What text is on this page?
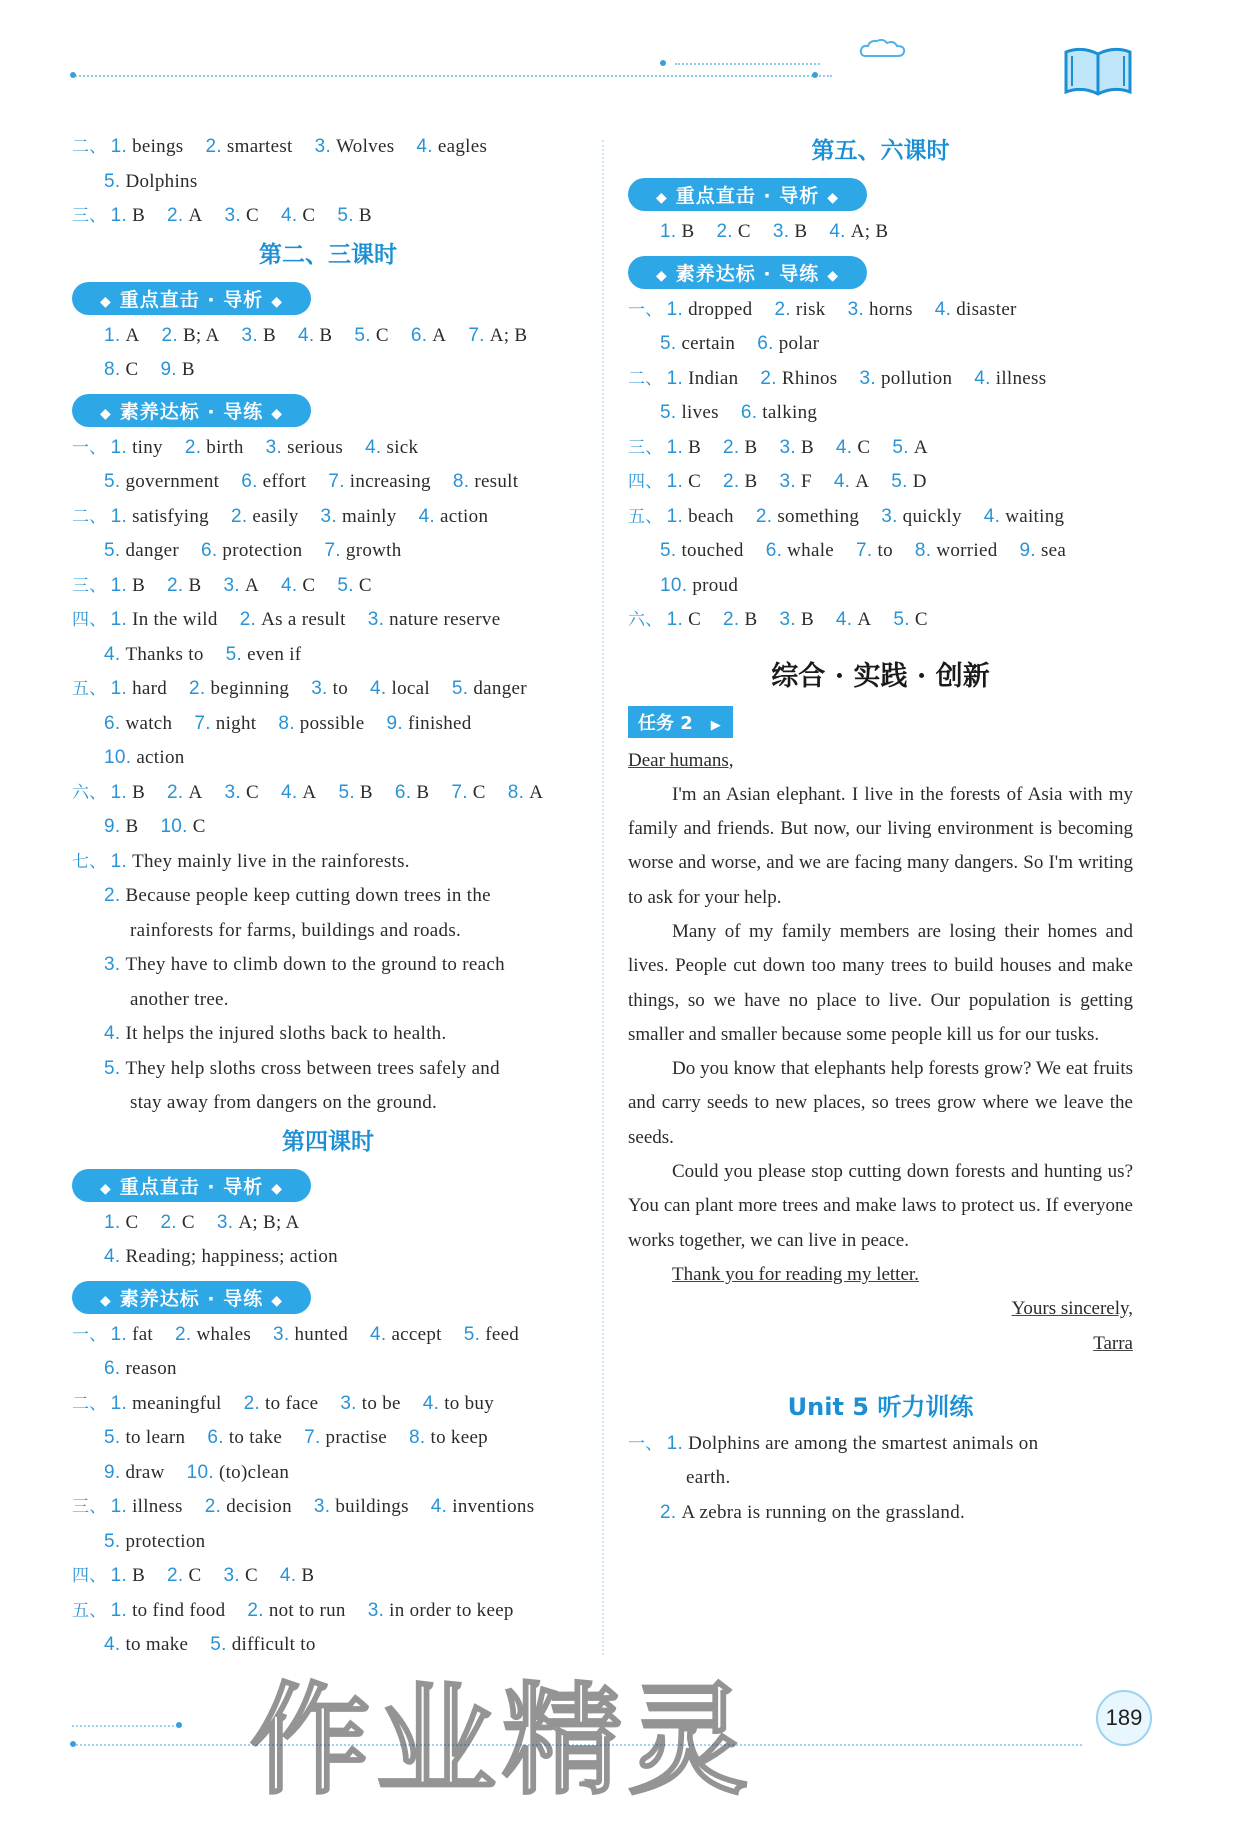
二、 1. beings 2. smartest 3. Wolves 4. eagles
5. Dolphins
三、 1. B 2. A 3. C 4. C 5. B
第二、三课时
◆ 重点直击 · 导析 ◆
1. A 2. B; A 3. B 4. B 5. C 6. A 7. A; B
8. C 9. B
◆ 素养达标 · 导练 ◆
一、 1. tiny 2. birth 3. serious 4. sick
5. government 6. effort 7. increasing 8. result
二、 1. satisfying 2. easily 3. mainly 4. action
5. danger 6. protection 7. growth
三、 1. B 2. B 3. A 4. C 5. C
四、 1. In the wild 2. As a result 3. nature reserve
4. Thanks to 5. even if
五、 1. hard 2. beginning 3. to 4. local 5. danger
6. watch 7. night 8. possible 9. finished
10. action
六、 1. B 2. A 3. C 4. A 5. B 6. B 7. C 8. A
9. B 10. C
七、 1. They mainly live in the rainforests.
2. Because people keep cutting down trees in the
rainforests for farms, buildings and roads.
3. They have to climb down to the ground to reach
another tree.
4. It helps the injured sloths back to health.
5. They help sloths cross between trees safely and
stay away from dangers on the ground.
第四课时
◆ 重点直击 · 导析 ◆
1. C 2. C 3. A; B; A
4. Reading; happiness; action
◆ 素养达标 · 导练 ◆
一、 1. fat 2. whales 3. hunted 4. accept 5. feed
6. reason
二、 1. meaningful 2. to face 3. to be 4. to buy
5. to learn 6. to take 7. practise 8. to keep
9. draw 10. (to)clean
三、 1. illness 2. decision 3. buildings 4. inventions
5. protection
四、 1. B 2. C 3. C 4. B
五、 1. to find food 2. not to run 3. in order to keep
4. to make 5. difficult to
第五、六课时
◆ 重点直击 · 导析 ◆
1. B 2. C 3. B 4. A; B
◆ 素养达标 · 导练 ◆
一、 1. dropped 2. risk 3. horns 4. disaster
5. certain 6. polar
二、 1. Indian 2. Rhinos 3. pollution 4. illness
5. lives 6. talking
三、 1. B 2. B 3. B 4. C 5. A
四、 1. C 2. B 3. F 4. A 5. D
五、 1. beach 2. something 3. quickly 4. waiting
5. touched 6. whale 7. to 8. worried 9. sea
10. proud
六、 1. C 2. B 3. B 4. A 5. C
综合 · 实践 · 创新
任务 2 ▶

Dear humans,

I'm an Asian elephant. I live in the forests of Asia with my family and friends. But now, our living environment is becoming worse and worse, and we are facing many dangers. So I'm writing to ask for your help.

Many of my family members are losing their homes and lives. People cut down too many trees to build houses and make things, so we have no place to live. Our population is getting smaller and smaller because some people kill us for our tusks.

Do you know that elephants help forests grow? We eat fruits and carry seeds to new places, so trees grow where we leave the seeds.

Could you please stop cutting down forests and hunting us? You can plant more trees and make laws to protect us. If everyone works together, we can live in peace.

Thank you for reading my letter.

Yours sincerely,

Tarra

Unit 5 听力训练
一、 1. Dolphins are among the smartest animals on
earth.
2. A zebra is running on the grassland.
189
作业精灵
